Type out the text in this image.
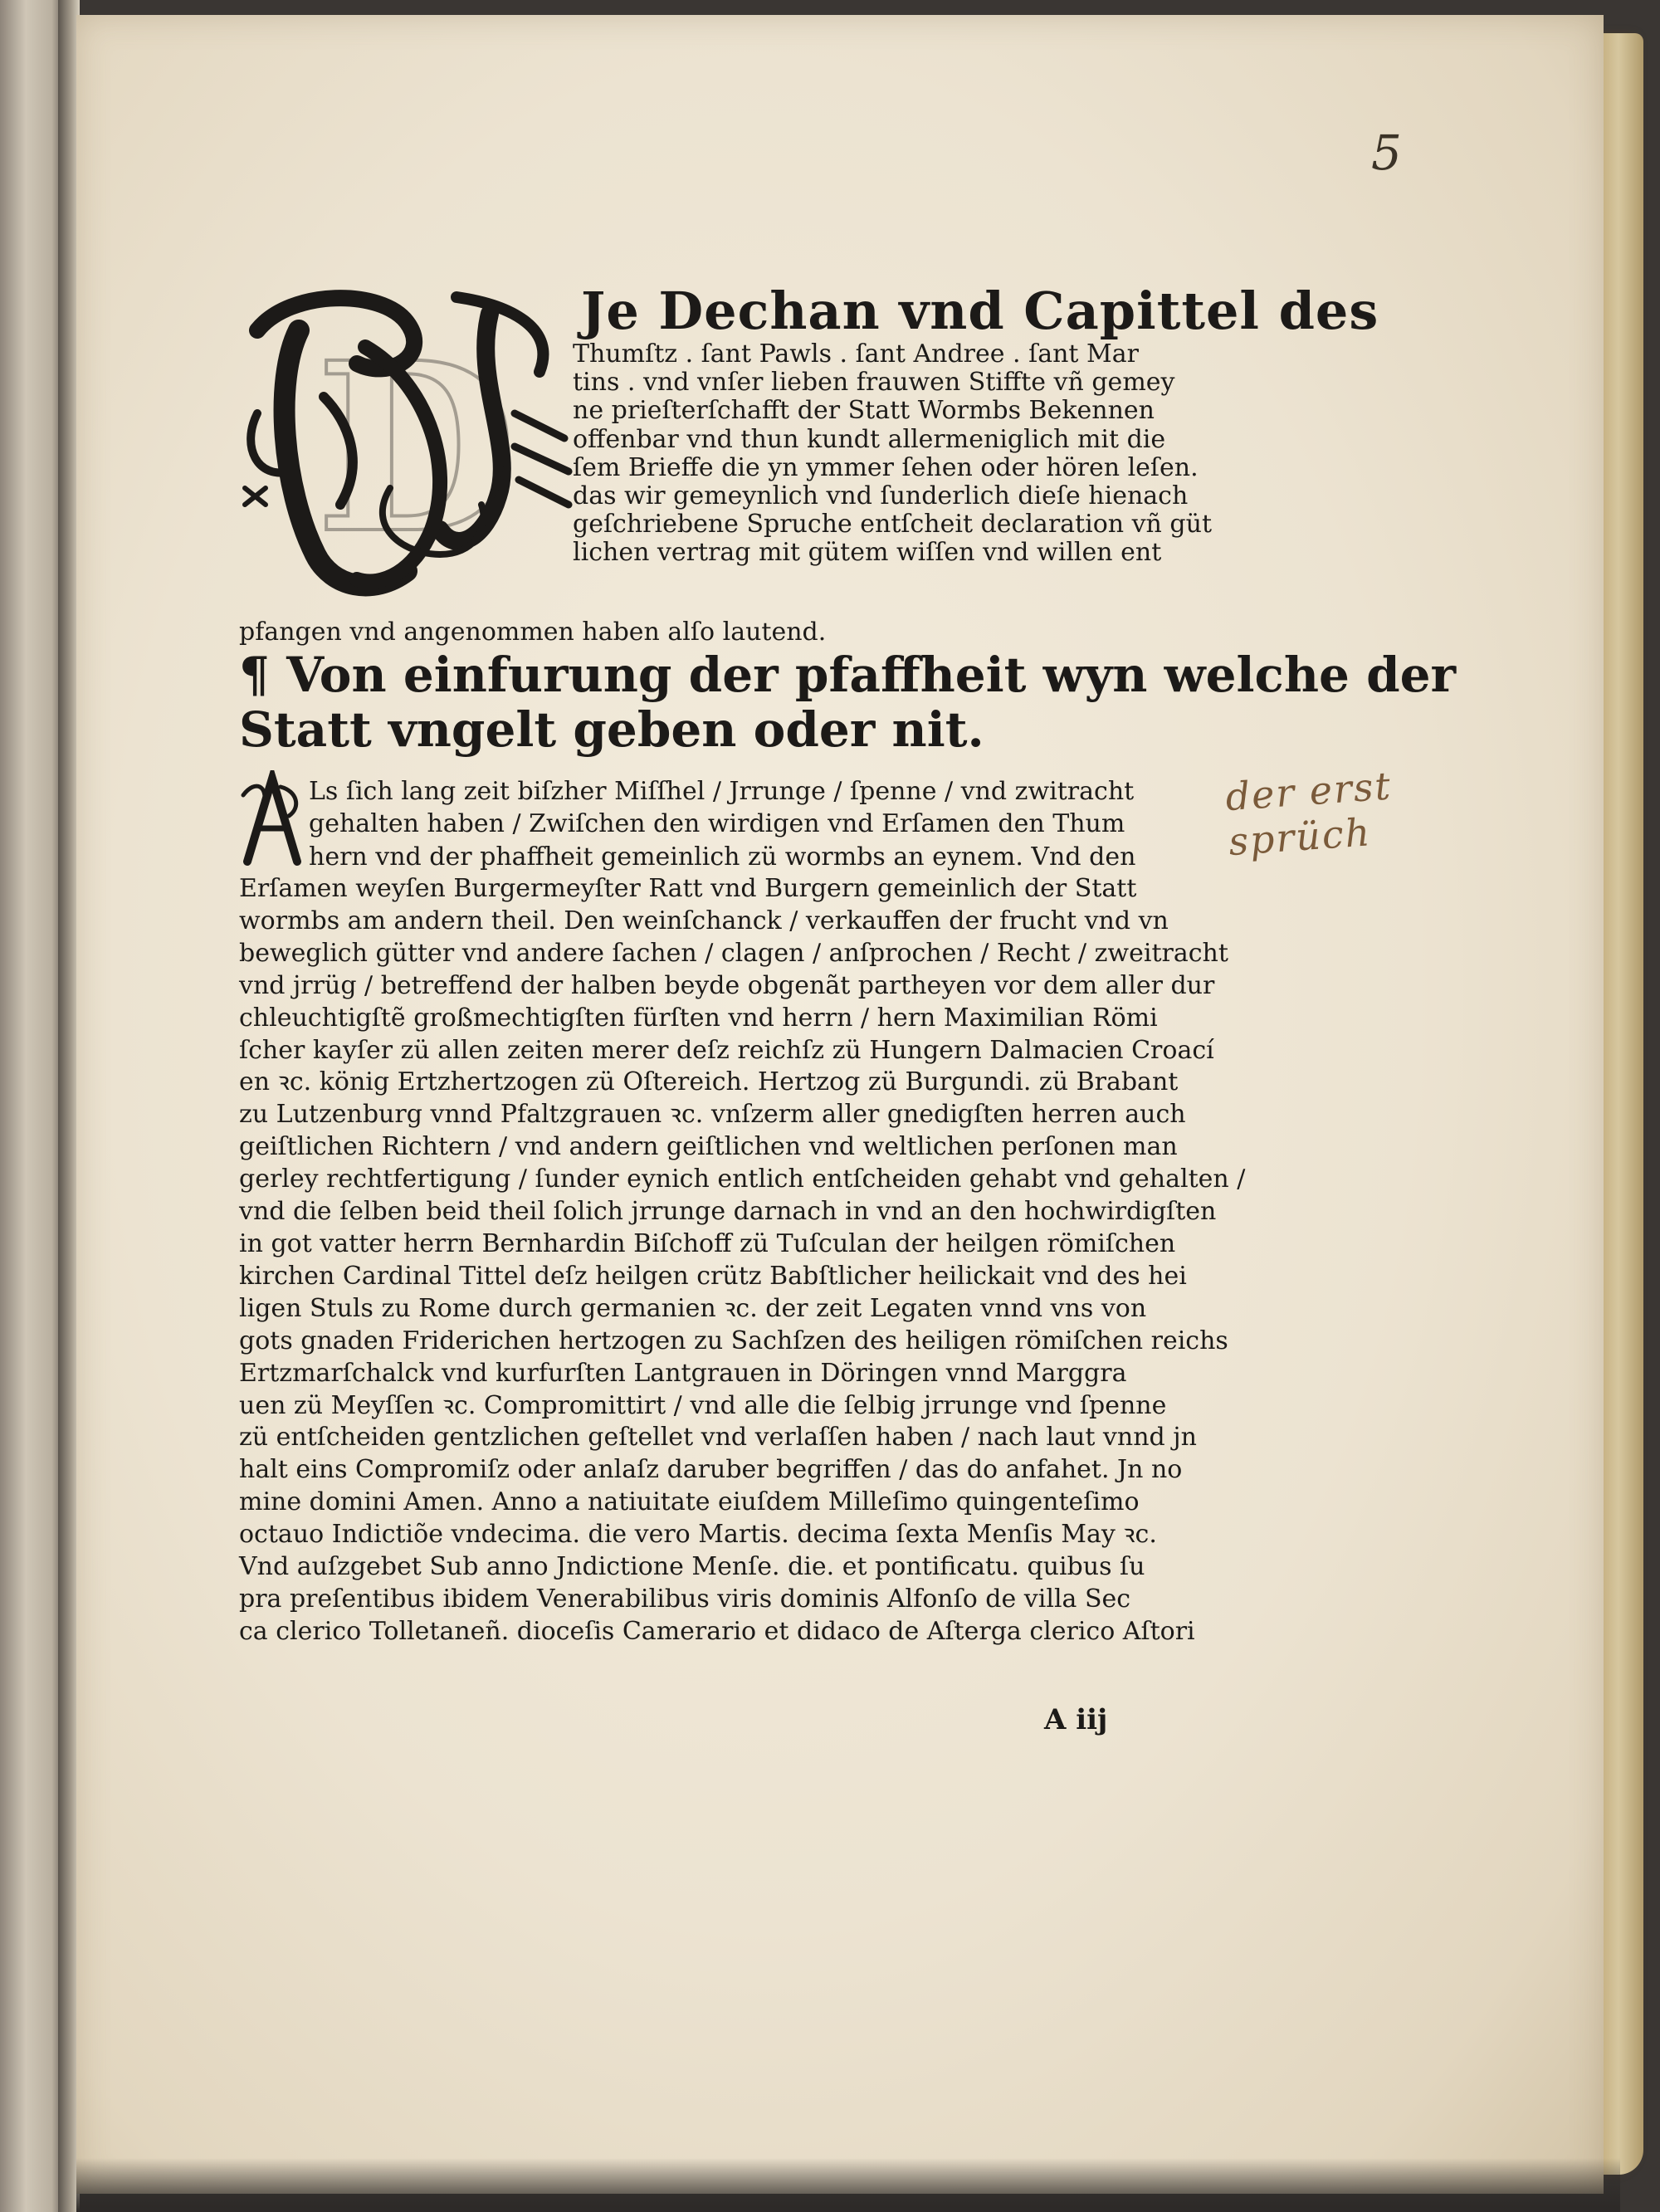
5
der erst sprüch
D
Je Dechan vnd Capittel des
Thumſtz . ſant Pawls . ſant Andree . ſant Mar
tins . vnd vnſer lieben frauwen Stiffte vñ gemey
ne prieſterſchafft der Statt Wormbs Bekennen
offenbar vnd thun kundt allermeniglich mit die
ſem Brieffe die yn ymmer ſehen oder hören leſen.
das wir gemeynlich vnd ſunderlich dieſe hienach
geſchriebene Spruche entſcheit declaration vñ güt
lichen vertrag mit gütem wiſſen vnd willen ent
pfangen vnd angenommen haben alſo lautend.
¶ Von einfurung der pfaffheit wyn welche der
Statt vngelt geben oder nit.
Ls ſich lang zeit biſzher Miſſhel / Jrrunge / ſpenne / vnd zwitracht
gehalten haben / Zwiſchen den wirdigen vnd Erſamen den Thum
hern vnd der phaffheit gemeinlich zü wormbs an eynem. Vnd den
Erſamen weyſen Burgermeyſter Ratt vnd Burgern gemeinlich der Statt
wormbs am andern theil. Den weinſchanck / verkauffen der frucht vnd vn
beweglich gütter vnd andere ſachen / clagen / anſprochen / Recht / zweitracht
vnd jrrüg / betreffend der halben beyde obgenãt partheyen vor dem aller dur
chleuchtigſtẽ großmechtigſten fürſten vnd herrn / hern Maximilian Römi
ſcher kayſer zü allen zeiten merer deſz reichſz zü Hungern Dalmacien Croací
en ꝛc. könig Ertzhertzogen zü Oſtereich. Hertzog zü Burgundi. zü Brabant
zu Lutzenburg vnnd Pfaltzgrauen ꝛc. vnſzerm aller gnedigſten herren auch
geiſtlichen Richtern / vnd andern geiſtlichen vnd weltlichen perſonen man
gerley rechtfertigung / ſunder eynich entlich entſcheiden gehabt vnd gehalten /
vnd die ſelben beid theil ſolich jrrunge darnach in vnd an den hochwirdigſten
in got vatter herrn Bernhardin Biſchoff zü Tuſculan der heilgen römiſchen
kirchen Cardinal Tittel deſz heilgen crütz Babſtlicher heilickait vnd des hei
ligen Stuls zu Rome durch germanien ꝛc. der zeit Legaten vnnd vns von
gots gnaden Friderichen hertzogen zu Sachſzen des heiligen römiſchen reichs
Ertzmarſchalck vnd kurfurſten Lantgrauen in Döringen vnnd Marggra
uen zü Meyſſen ꝛc. Compromittirt / vnd alle die ſelbig jrrunge vnd ſpenne
zü entſcheiden gentzlichen geſtellet vnd verlaſſen haben / nach laut vnnd jn
halt eins Compromiſz oder anlaſz daruber begriffen / das do anfahet. Jn no
mine domini Amen. Anno a natiuitate eiuſdem Milleſimo quingenteſimo
octauo Indictiõe vndecima. die vero Martis. decima ſexta Menſis May ꝛc.
Vnd auſzgebet Sub anno Jndictione Menſe. die. et pontificatu. quibus ſu
pra preſentibus ibidem Venerabilibus viris dominis Alfonſo de villa Sec
ca clerico Tolletaneñ. dioceſis Camerario et didaco de Aſterga clerico Aſtori
A iij
